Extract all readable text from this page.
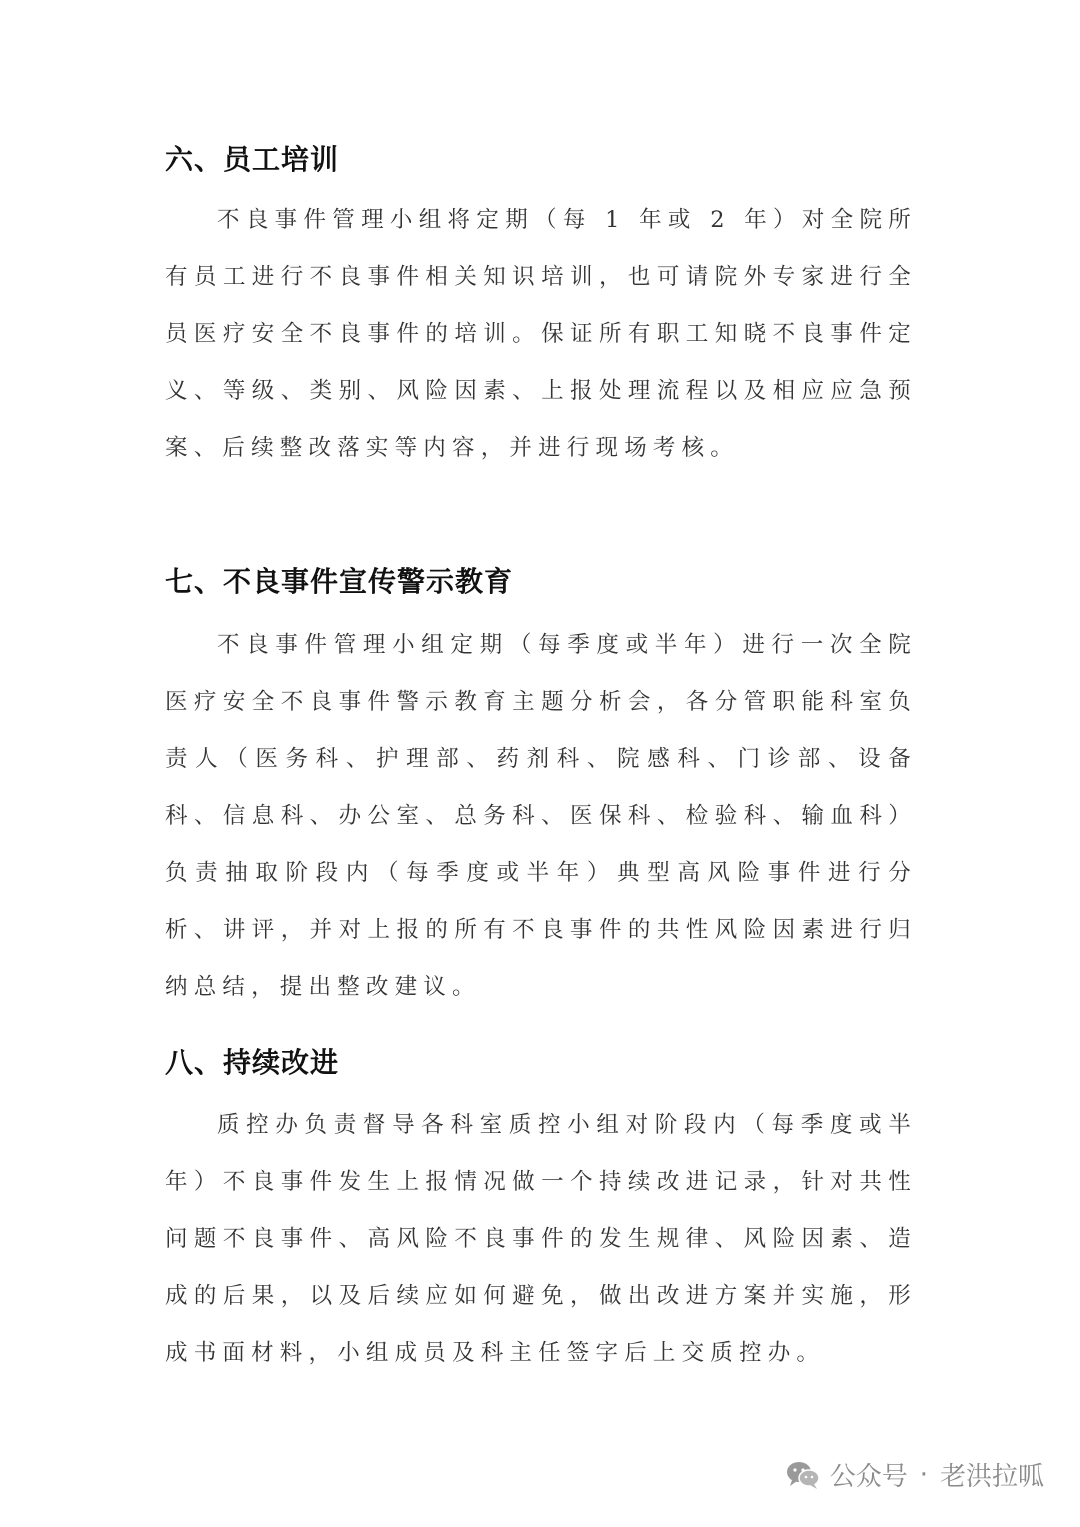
六、员工培训

不良事件管理小组将定期（每 1 年或 2 年）对全院所有员工进行不良事件相关知识培训，也可请院外专家进行全员医疗安全不良事件的培训。保证所有职工知晓不良事件定义、等级、类别、风险因素、上报处理流程以及相应应急预案、后续整改落实等内容，并进行现场考核。

七、不良事件宣传警示教育

不良事件管理小组定期（每季度或半年）进行一次全院医疗安全不良事件警示教育主题分析会，各分管职能科室负责人（医务科、护理部、药剂科、院感科、门诊部、设备科、信息科、办公室、总务科、医保科、检验科、输血科）负责抽取阶段内（每季度或半年）典型高风险事件进行分析、讲评，并对上报的所有不良事件的共性风险因素进行归纳总结，提出整改建议。

八、持续改进

质控办负责督导各科室质控小组对阶段内（每季度或半年）不良事件发生上报情况做一个持续改进记录，针对共性问题不良事件、高风险不良事件的发生规律、风险因素、造成的后果，以及后续应如何避免，做出改进方案并实施，形成书面材料，小组成员及科主任签字后上交质控办。

公众号 · 老洪拉呱
